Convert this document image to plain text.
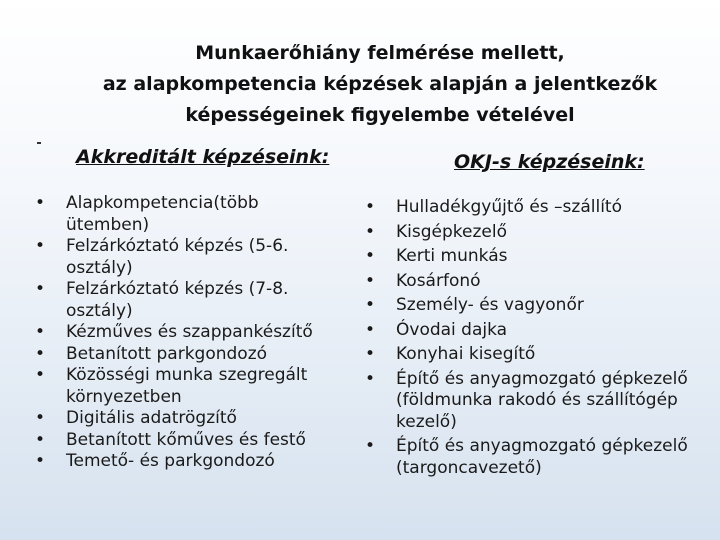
Munkaerőhiány felmérése mellett,
az alapkompetencia képzések alapján a jelentkezők
képességeinek figyelembe vételével
Akkreditált képzéseink:	OKJ-s képzéseink:
• Alapkompetencia(több ütemben)
• Felzárkóztató képzés (5-6. osztály)
• Felzárkóztató képzés (7-8. osztály)
• Kézműves és szappankészítő
• Betanított parkgondozó
• Közösségi munka szegregált környezetben
• Digitális adatrögzítő
• Betanított kőműves és festő
• Temető- és parkgondozó
• Hulladékgyűjtő és –szállító
• Kisgépkezelő
• Kerti munkás
• Kosárfonó
• Személy- és vagyonőr
• Óvodai dajka
• Konyhai kisegítő
• Építő és anyagmozgató gépkezelő (földmunka rakodó és szállítógép kezelő)
• Építő és anyagmozgató gépkezelő (targoncavezető)
